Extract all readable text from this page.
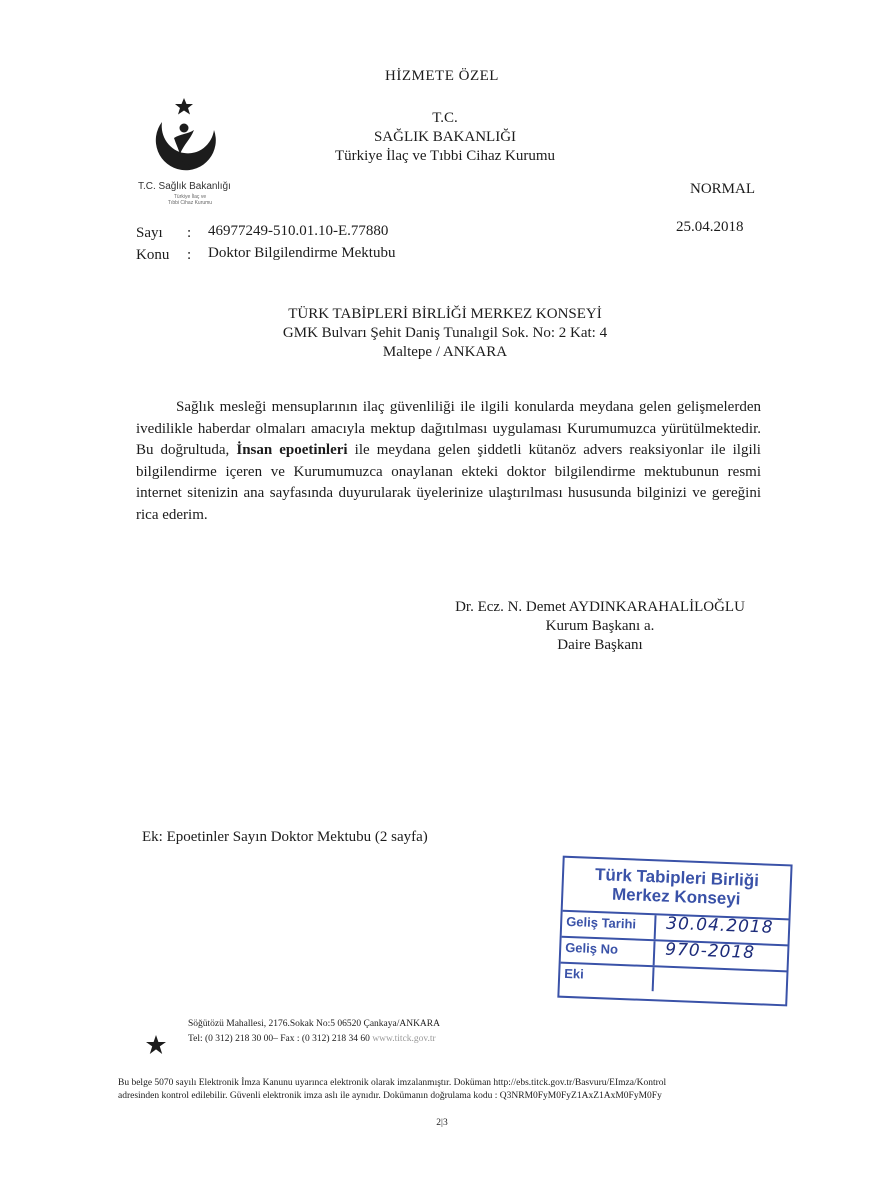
HİZMETE ÖZEL
T.C. Sağlık Bakanlığı
Türkiye İlaç ve
Tıbbi Cihaz Kurumu
T.C.
SAĞLIK BAKANLIĞI
Türkiye İlaç ve Tıbbi Cihaz Kurumu
NORMAL
25.04.2018
Sayı : 46977249-510.01.10-E.77880
Konu : Doktor Bilgilendirme Mektubu
TÜRK TABİPLERİ BİRLİĞİ MERKEZ KONSEYİ
GMK Bulvarı Şehit Daniş Tunalıgil Sok. No: 2 Kat: 4
Maltepe / ANKARA
Sağlık mesleği mensuplarının ilaç güvenliliği ile ilgili konularda meydana gelen gelişmelerden ivedilikle haberdar olmaları amacıyla mektup dağıtılması uygulaması Kurumumuzca yürütülmektedir. Bu doğrultuda, İnsan epoetinleri ile meydana gelen şiddetli kütanöz advers reaksiyonlar ile ilgili bilgilendirme içeren ve Kurumumuzca onaylanan ekteki doktor bilgilendirme mektubunun resmi internet sitenizin ana sayfasında duyurularak üyelerinize ulaştırılması hususunda bilginizi ve gereğini rica ederim.
Dr. Ecz. N. Demet AYDINKARAHALİLOĞLU
Kurum Başkanı a.
Daire Başkanı
Ek: Epoetinler Sayın Doktor Mektubu (2 sayfa)
Türk Tabipleri Birliği
Merkez Konseyi
Geliş Tarihi 30.04.2018
Geliş No	970-2018
Eki
Söğütözü Mahallesi, 2176.Sokak No:5 06520 Çankaya/ANKARA
Tel: (0 312) 218 30 00– Fax : (0 312) 218 34 60 www.titck.gov.tr
Bu belge 5070 sayılı Elektronik İmza Kanunu uyarınca elektronik olarak imzalanmıştır. Doküman http://ebs.titck.gov.tr/Basvuru/EImza/Kontrol
adresinden kontrol edilebilir. Güvenli elektronik imza aslı ile aynıdır. Dokümanın doğrulama kodu : Q3NRM0FyM0FyZ1AxZ1AxM0FyM0Fy
2|3
